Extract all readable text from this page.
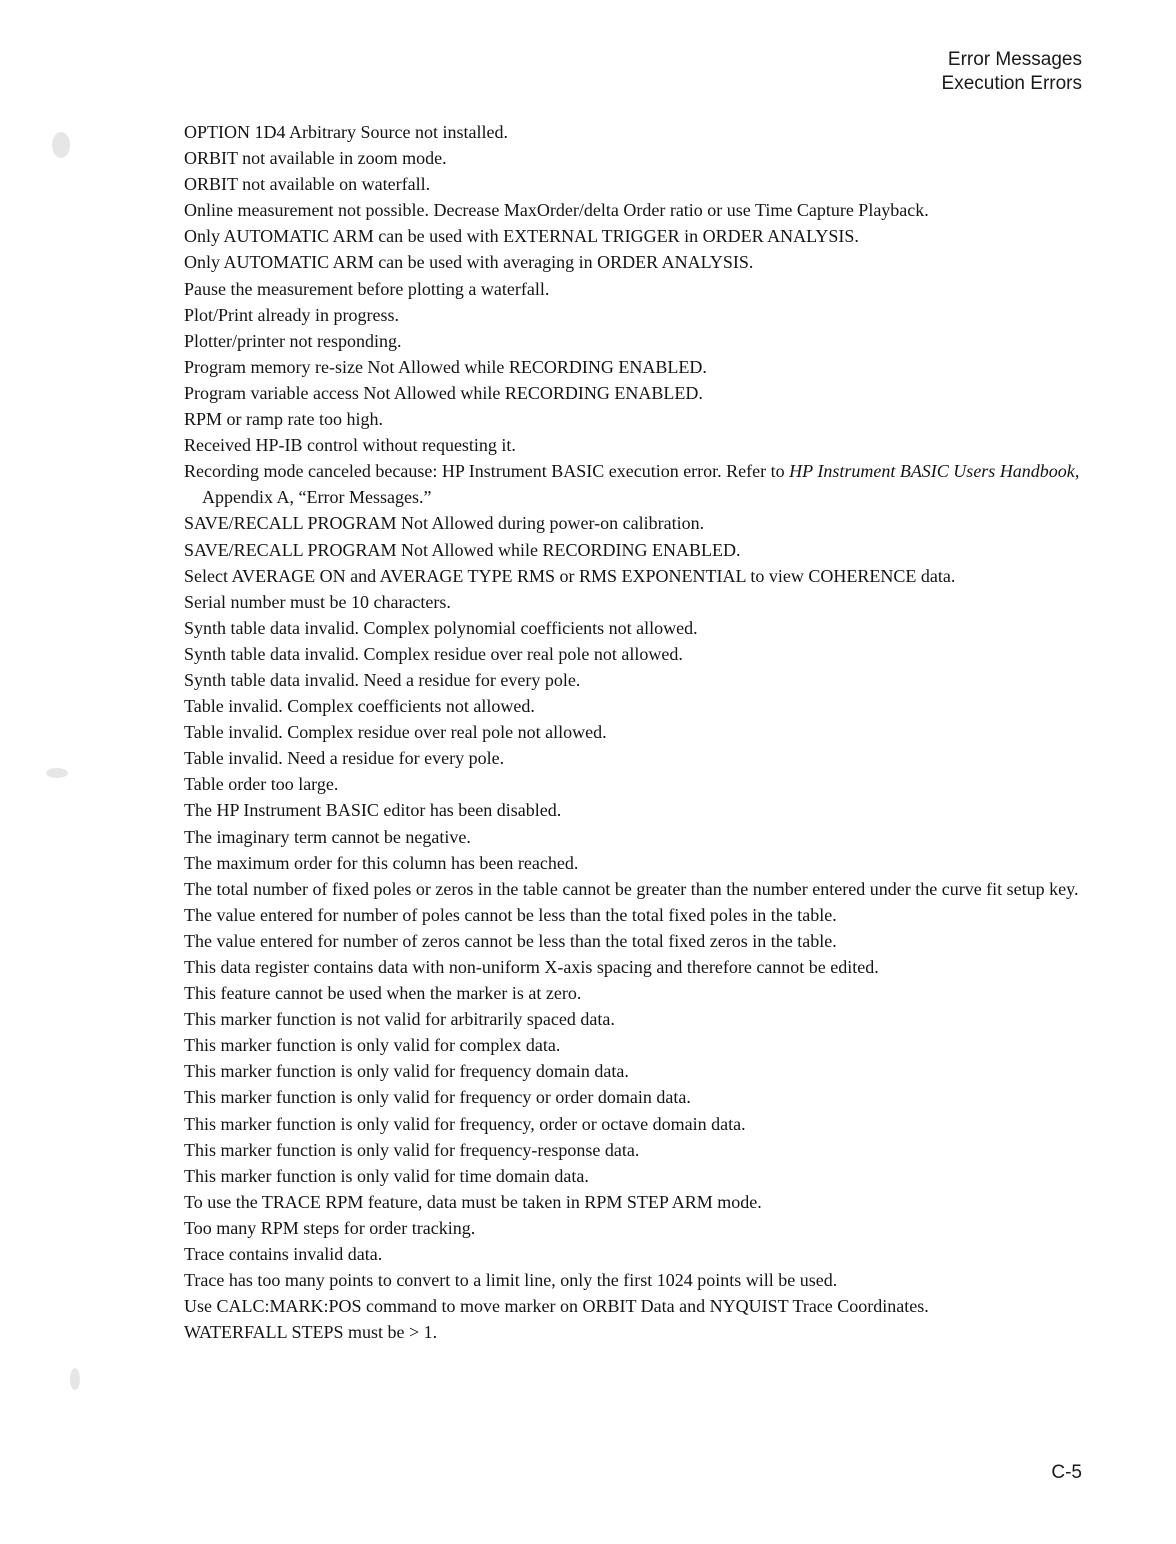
Error Messages
Execution Errors
OPTION 1D4 Arbitrary Source not installed.
ORBIT not available in zoom mode.
ORBIT not available on waterfall.
Online measurement not possible. Decrease MaxOrder/delta Order ratio or use Time Capture Playback.
Only AUTOMATIC ARM can be used with EXTERNAL TRIGGER in ORDER ANALYSIS.
Only AUTOMATIC ARM can be used with averaging in ORDER ANALYSIS.
Pause the measurement before plotting a waterfall.
Plot/Print already in progress.
Plotter/printer not responding.
Program memory re-size Not Allowed while RECORDING ENABLED.
Program variable access Not Allowed while RECORDING ENABLED.
RPM or ramp rate too high.
Received HP-IB control without requesting it.
Recording mode canceled because: HP Instrument BASIC execution error. Refer to HP Instrument BASIC Users Handbook, Appendix A, “Error Messages.”
SAVE/RECALL PROGRAM Not Allowed during power-on calibration.
SAVE/RECALL PROGRAM Not Allowed while RECORDING ENABLED.
Select AVERAGE ON and AVERAGE TYPE RMS or RMS EXPONENTIAL to view COHERENCE data.
Serial number must be 10 characters.
Synth table data invalid. Complex polynomial coefficients not allowed.
Synth table data invalid. Complex residue over real pole not allowed.
Synth table data invalid. Need a residue for every pole.
Table invalid. Complex coefficients not allowed.
Table invalid. Complex residue over real pole not allowed.
Table invalid. Need a residue for every pole.
Table order too large.
The HP Instrument BASIC editor has been disabled.
The imaginary term cannot be negative.
The maximum order for this column has been reached.
The total number of fixed poles or zeros in the table cannot be greater than the number entered under the curve fit setup key.
The value entered for number of poles cannot be less than the total fixed poles in the table.
The value entered for number of zeros cannot be less than the total fixed zeros in the table.
This data register contains data with non-uniform X-axis spacing and therefore cannot be edited.
This feature cannot be used when the marker is at zero.
This marker function is not valid for arbitrarily spaced data.
This marker function is only valid for complex data.
This marker function is only valid for frequency domain data.
This marker function is only valid for frequency or order domain data.
This marker function is only valid for frequency, order or octave domain data.
This marker function is only valid for frequency-response data.
This marker function is only valid for time domain data.
To use the TRACE RPM feature, data must be taken in RPM STEP ARM mode.
Too many RPM steps for order tracking.
Trace contains invalid data.
Trace has too many points to convert to a limit line, only the first 1024 points will be used.
Use CALC:MARK:POS command to move marker on ORBIT Data and NYQUIST Trace Coordinates.
WATERFALL STEPS must be > 1.
C-5
